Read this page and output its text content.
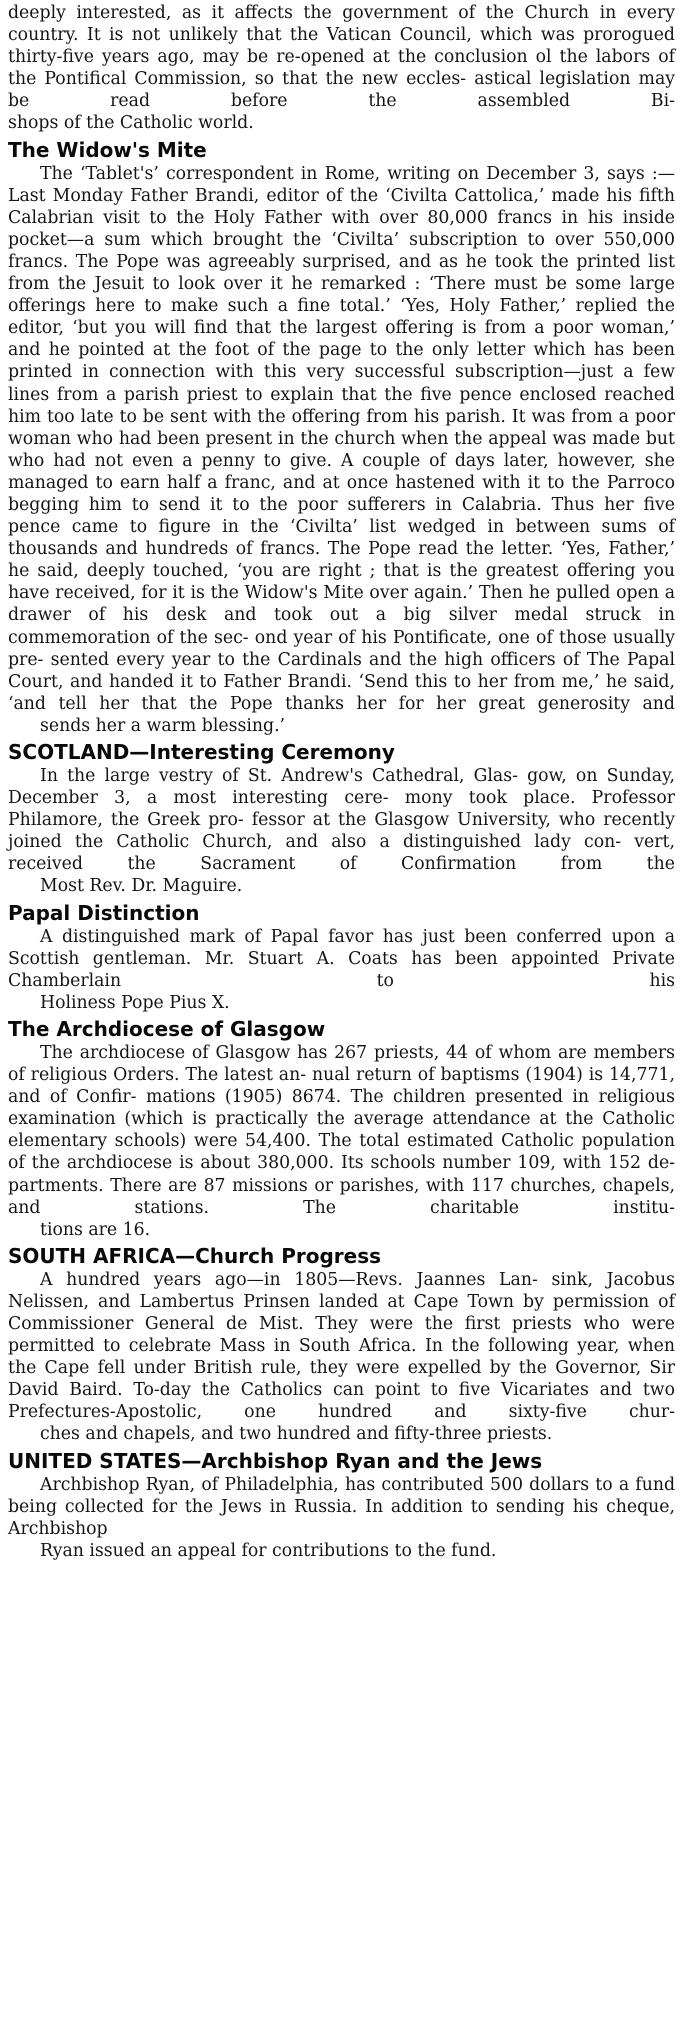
deeply interested, as it affects the government of the Church in every country. It is not unlikely that the Vatican Council, which was prorogued thirty-five years ago, may be re-opened at the conclusion ol the labors of the Pontifical Commission, so that the new eccles- astical legislation may be read before the assembled Bi-
shops of the Catholic world.

The Widow's Mite

The ‘Tablet's’ correspondent in Rome, writing on December 3, says :—Last Monday Father Brandi, editor of the ‘Civilta Cattolica,’ made his fifth Calabrian visit to the Holy Father with over 80,000 francs in his inside pocket—a sum which brought the ‘Civilta’ subscription to over 550,000 francs. The Pope was agreeably surprised, and as he took the printed list from the Jesuit to look over it he remarked : ‘There must be some large offerings here to make such a fine total.’ ‘Yes, Holy Father,’ replied the editor, ‘but you will find that the largest offering is from a poor woman,’ and he pointed at the foot of the page to the only letter which has been printed in connection with this very successful subscription—just a few lines from a parish priest to explain that the five pence enclosed reached him too late to be sent with the offering from his parish. It was from a poor woman who had been present in the church when the appeal was made but who had not even a penny to give. A couple of days later, however, she managed to earn half a franc, and at once hastened with it to the Parroco begging him to send it to the poor sufferers in Calabria. Thus her five pence came to figure in the ‘Civilta’ list wedged in between sums of thousands and hundreds of francs. The Pope read the letter. ‘Yes, Father,’ he said, deeply touched, ‘you are right ; that is the greatest offering you have received, for it is the Widow's Mite over again.’ Then he pulled open a drawer of his desk and took out a big silver medal struck in commemoration of the sec- ond year of his Pontificate, one of those usually pre- sented every year to the Cardinals and the high officers of The Papal Court, and handed it to Father Brandi. ‘Send this to her from me,’ he said, ‘and tell her that the Pope thanks her for her great generosity and
sends her a warm blessing.’

SCOTLAND—Interesting Ceremony

In the large vestry of St. Andrew's Cathedral, Glas- gow, on Sunday, December 3, a most interesting cere- mony took place. Professor Philamore, the Greek pro- fessor at the Glasgow University, who recently joined the Catholic Church, and also a distinguished lady con- vert, received the Sacrament of Confirmation from the
Most Rev. Dr. Maguire.

Papal Distinction

A distinguished mark of Papal favor has just been conferred upon a Scottish gentleman. Mr. Stuart A. Coats has been appointed Private Chamberlain to his
Holiness Pope Pius X.

The Archdiocese of Glasgow

The archdiocese of Glasgow has 267 priests, 44 of whom are members of religious Orders. The latest an- nual return of baptisms (1904) is 14,771, and of Confir- mations (1905) 8674. The children presented in religious examination (which is practically the average attendance at the Catholic elementary schools) were 54,400. The total estimated Catholic population of the archdiocese is about 380,000. Its schools number 109, with 152 de- partments. There are 87 missions or parishes, with 117 churches, chapels, and stations. The charitable institu-
tions are 16.

SOUTH AFRICA—Church Progress

A hundred years ago—in 1805—Revs. Jaannes Lan- sink, Jacobus Nelissen, and Lambertus Prinsen landed at Cape Town by permission of Commissioner General de Mist. They were the first priests who were permitted to celebrate Mass in South Africa. In the following year, when the Cape fell under British rule, they were expelled by the Governor, Sir David Baird. To-day the Catholics can point to five Vicariates and two Prefectures-Apostolic, one hundred and sixty-five chur-
ches and chapels, and two hundred and fifty-three priests.

UNITED STATES—Archbishop Ryan and the Jews

Archbishop Ryan, of Philadelphia, has contributed 500 dollars to a fund being collected for the Jews in Russia. In addition to sending his cheque, Archbishop
Ryan issued an appeal for contributions to the fund.
